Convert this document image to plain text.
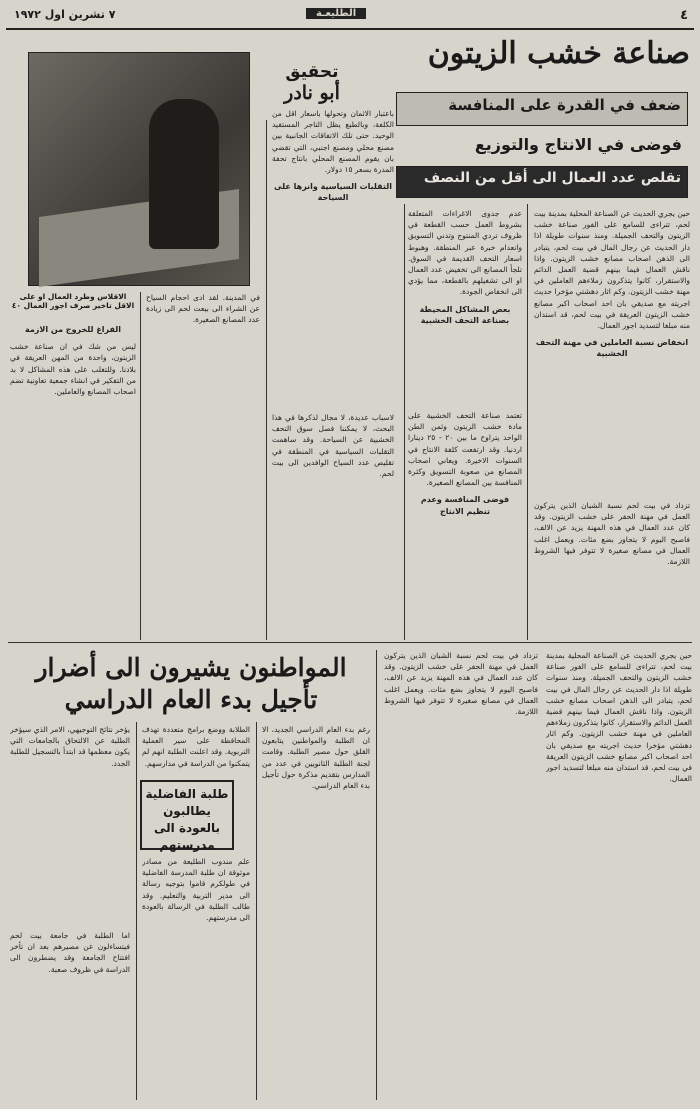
٤
الطليعـة
٧ تشرين اول ١٩٧٢
صناعة خشب الزيتون
ضعف في القدرة على المنافسة
فوضى في الانتاج والتوزيع
تقلص عدد العمال الى أقل من النصف
تحقيق
أبو نادر
حين يجري الحديث عن الصناعة المحلية بمدينة بيت لحم، تتراءى للسامع على الفور صناعة خشب الزيتون والتحف الجميلة. ومنذ سنوات طويلة اذا دار الحديث عن رجال المال في بيت لحم، يتبادر الى الذهن اصحاب مصانع خشب الزيتون. واذا ناقش العمال فيما بينهم قضية العمل الدائم والاستقرار، كانوا يتذكرون زملاءهم العاملين في مهنة خشب الزيتون. وكم اثار دهشتي مؤخرا حديث اجريته مع صديقي بان احد اصحاب اكبر مصانع خشب الزيتون العريقة في بيت لحم، قد استدان منه مبلغا لتسديد اجور العمال.
انخفاض نسبة العاملين في مهنة التحف الخشبية
تزداد في بيت لحم نسبة الشبان الذين يتركون العمل في مهنة الحفر على خشب الزيتون. وقد كان عدد العمال في هذه المهنة يزيد عن الالف، فاصبح اليوم لا يتجاوز بضع مئات. ويعمل اغلب العمال في مصانع صغيرة لا تتوفر فيها الشروط اللازمة.
عدم جدوى الاغراءات المتعلقة بشروط العمل حسب القطعة في ظروف تردي المنتوج وتدني التسويق وانعدام خبرة عبر المنطقة. وهبوط اسعار التحف القديمة في السوق. تلجأ المصانع الى تخفيض عدد العمال او الى تشغيلهم بالقطعة، مما يؤدي الى انخفاض الجودة.
بعض المشاكل المحيطة بصناعة التحف الخشبية
تعتمد صناعة التحف الخشبية على مادة خشب الزيتون وثمن الطن الواحد يتراوح ما بين ٢٠ - ٢٥ دينارا اردنيا. وقد ارتفعت كلفة الانتاج في السنوات الاخيرة. ويعاني اصحاب المصانع من صعوبة التسويق وكثرة المنافسة بين المصانع الصغيرة.
فوضى المنافسة وعدم تنظيم الانتاج
باعتبار الاثمان وتحولها باسعار اقل من الكلفة، وبالطبع يظل التاجر المستفيد الوحيد. حتى تلك الاتفاقات الجانبية بين مصنع محلي ومصنع اجنبي، التي تقضي بان يقوم المصنع المحلي بانتاج تحفة المدرة بسعر ١٥ دولار.
التقلبات السياسية وانرها على السياحة
لاسباب عديدة، لا مجال لذكرها في هذا البحث، لا يمكننا فصل سوق التحف الخشبية عن السياحة. وقد ساهمت التقلبات السياسية في المنطقة في تقليص عدد السياح الوافدين الى بيت لحم.
في المدينة. لقد ادى احجام السياح عن الشراء الى بيعت لحم الى زيادة عدد المصانع الصغيرة.
الاقلاس وطرد العمال او على الاقل تاخير صرف اجور العمال ٤٠
الفراغ للخروج من الازمة
ليس من شك في ان صناعة خشب الزيتون، واحدة من المهن العريقة في بلادنا. وللتغلب على هذه المشاكل لا بد من التفكير في انشاء جمعية تعاونية تضم اصحاب المصانع والعاملين.
المواطنون يشيرون الى أضرار
تأجيل بدء العام الدراسي
تزداد في بيت لحم نسبة الشبان الذين يتركون العمل في مهنة الحفر على خشب الزيتون. وقد كان عدد العمال في هذه المهنة يزيد عن الالف، فاصبح اليوم لا يتجاوز بضع مئات. ويعمل اغلب العمال في مصانع صغيرة لا تتوفر فيها الشروط اللازمة.
حين يجري الحديث عن الصناعة المحلية بمدينة بيت لحم، تتراءى للسامع على الفور صناعة خشب الزيتون والتحف الجميلة. ومنذ سنوات طويلة اذا دار الحديث عن رجال المال في بيت لحم، يتبادر الى الذهن اصحاب مصانع خشب الزيتون. واذا ناقش العمال فيما بينهم قضية العمل الدائم والاستقرار، كانوا يتذكرون زملاءهم العاملين في مهنة خشب الزيتون. وكم اثار دهشتي مؤخرا حديث اجريته مع صديقي بان احد اصحاب اكبر مصانع خشب الزيتون العريقة في بيت لحم، قد استدان منه مبلغا لتسديد اجور العمال.
رغم بدء العام الدراسي الجديد، الا ان الطلبة والمواطنين يتابعون القلق حول مصير الطلبة. وقامت لجنة الطلبة الثانويين في عدد من المدارس بتقديم مذكرة حول تأجيل بدء العام الدراسي.
الطلابة ووضع برامج متعددة تهدف المحافظة على سير العملية التربوية. وقد اعلنت الطلبة انهم لم يتمكنوا من الدراسة في مدارسهم.
طلبة الفاضلية يطالبون بالعودة الى مدرستهم
علم مندوب الطليعة من مصادر موثوقة ان طلبة المدرسة الفاضلية في طولكرم قاموا بتوجيه رسالة الى مدير التربية والتعليم. وقد طالب الطلبة في الرسالة بالعودة الى مدرستهم.
يؤخر نتائج التوجيهي، الامر الذي سيؤخر الطلبة عن الالتحاق بالجامعات التي يكون معظمها قد ابتدأ بالتسجيل للطلبة الجدد.
اما الطلبة في جامعة بيت لحم فيتساءلون عن مصيرهم بعد ان تأخر افتتاح الجامعة وقد يضطرون الى الدراسة في ظروف صعبة.
